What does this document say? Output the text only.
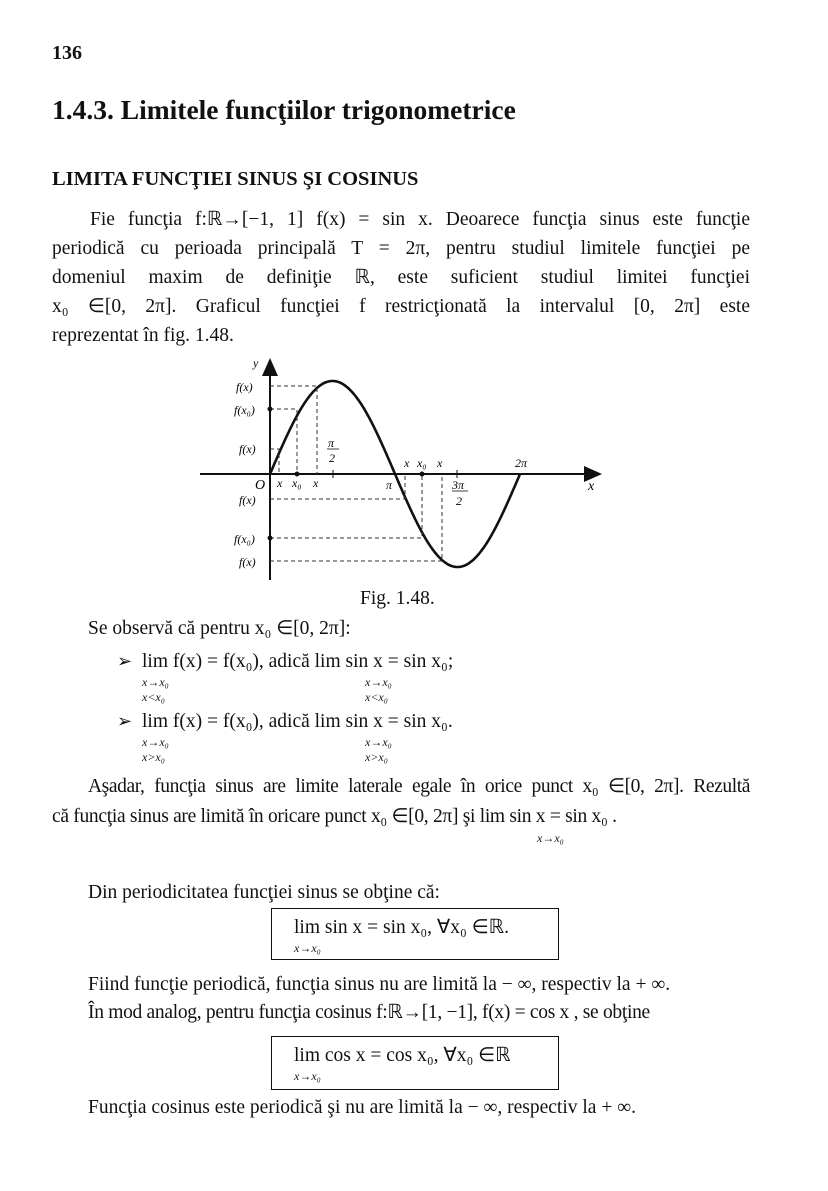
136
1.4.3. Limitele funcţiilor trigonometrice
LIMITA FUNCŢIEI SINUS ŞI COSINUS
Fie funcţia f:ℝ→[−1, 1] f(x) = sin x. Deoarece funcţia sinus este funcţie
periodică cu perioada principală T = 2π, pentru studiul limitele funcţiei pe
domeniul maxim de definiţie ℝ, este suficient studiul limitei funcţiei
x₀ ∈[0, 2π]. Graficul funcţiei f restricţionată la intervalul [0, 2π] este
reprezentat în fig. 1.48.
y
x
O
f(x)
f(x₀)
f(x)
f(x)
f(x₀)
f(x)
x x₀ x
π
2	x x₀ x
π	3π
2
2π
Fig. 1.48.
Se observă că pentru x₀ ∈[0, 2π]:
➢ lim f(x) = f(x₀), adică lim sin x = sin x₀;
x→x₀
x<x₀
x→x₀
x<x₀
➢ lim f(x) = f(x₀), adică lim sin x = sin x₀.
x→x₀
x>x₀
x→x₀
x>x₀
Aşadar, funcţia sinus are limite laterale egale în orice punct x₀ ∈[0, 2π]. Rezultă
că funcţia sinus are limită în oricare punct x₀ ∈[0, 2π] şi lim sin x = sin x₀ .
x→x₀
Din periodicitatea funcţiei sinus se obţine că:
lim sin x = sin x₀, ∀x₀ ∈ℝ.
x→x₀
Fiind funcţie periodică, funcţia sinus nu are limită la − ∞, respectiv la + ∞.
În mod analog, pentru funcţia cosinus f:ℝ→[1, −1], f(x) = cos x , se obţine
lim cos x = cos x₀, ∀x₀ ∈ℝ
x→x₀
Funcţia cosinus este periodică şi nu are limită la − ∞, respectiv la + ∞.
